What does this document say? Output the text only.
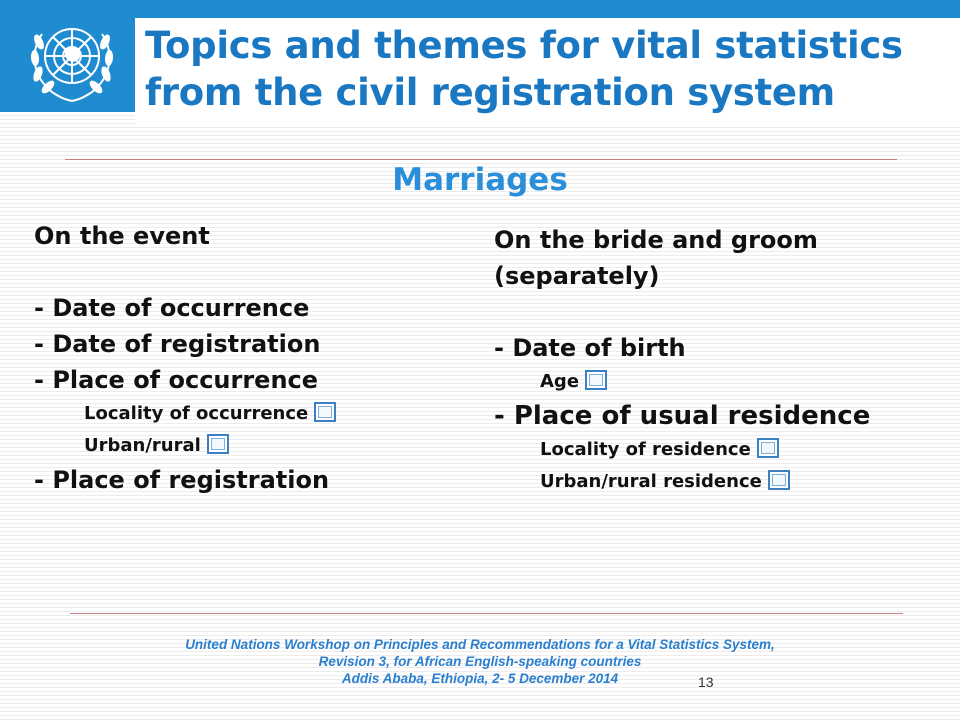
Topics and themes for vital statistics from the civil registration system
Marriages
On the event
- Date of occurrence
- Date of registration
- Place of occurrence
Locality of occurrence
Urban/rural
- Place of registration
On the bride and groom
(separately)
- Date of birth
Age
- Place of usual residence
Locality of residence
Urban/rural residence
United Nations Workshop on Principles and Recommendations for a Vital Statistics System,
Revision 3, for African English-speaking countries
Addis Ababa, Ethiopia, 2- 5 December 2014	13
